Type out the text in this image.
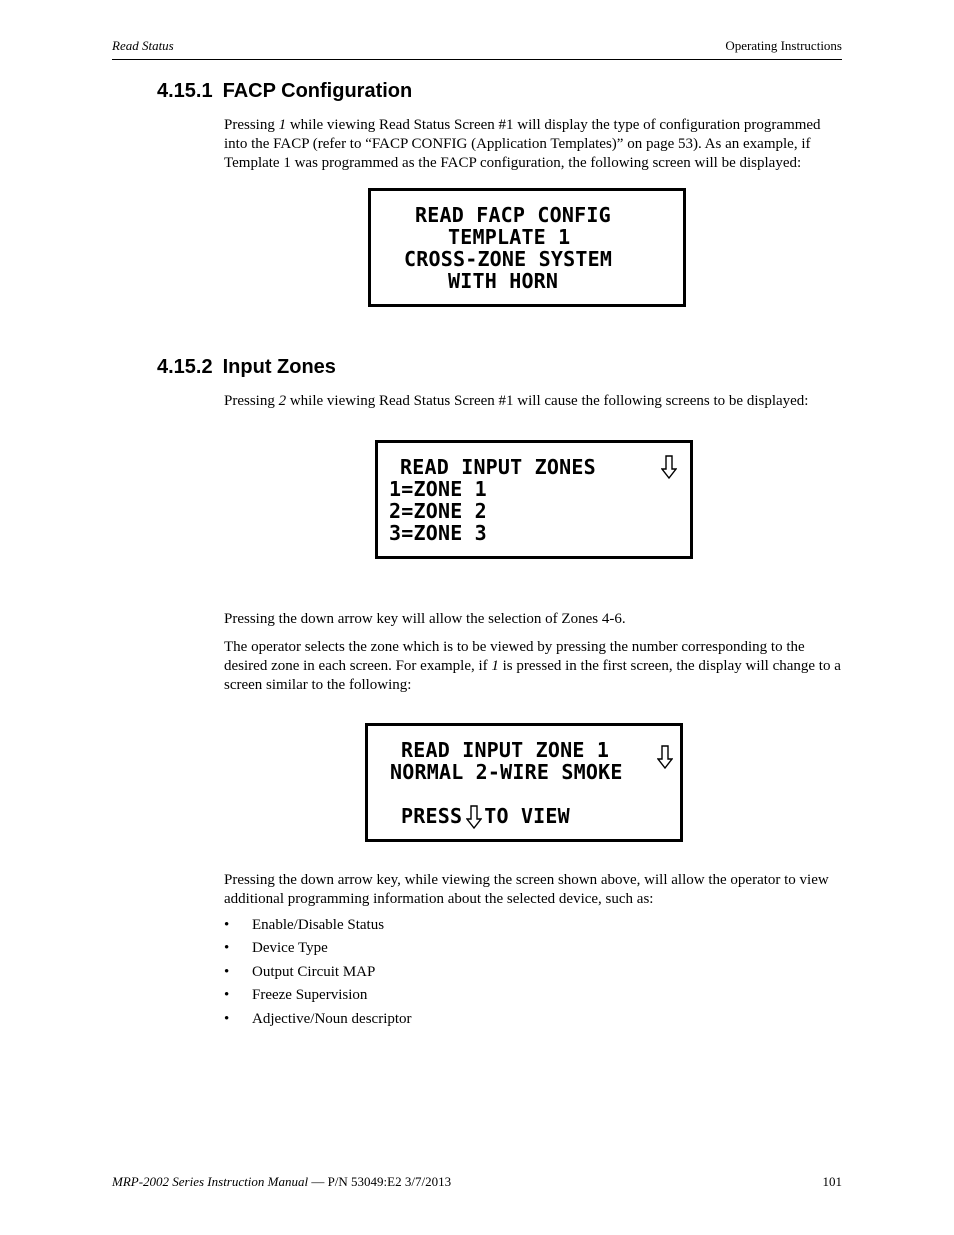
Read Status	Operating Instructions
4.15.1 FACP Configuration
Pressing 1 while viewing Read Status Screen #1 will display the type of configuration programmed into the FACP (refer to “FACP CONFIG (Application Templates)” on page 53). As an example, if Template 1 was programmed as the FACP configuration, the following screen will be displayed:

READ FACP CONFIG

TEMPLATE 1

CROSS-ZONE SYSTEM

WITH HORN

4.15.2 Input Zones
Pressing 2 while viewing Read Status Screen #1 will cause the following screens to be displayed:

READ INPUT ZONES

1=ZONE 1

2=ZONE 2

3=ZONE 3

Pressing the down arrow key will allow the selection of Zones 4-6.
The operator selects the zone which is to be viewed by pressing the number corresponding to the desired zone in each screen. For example, if 1 is pressed in the first screen, the display will change to a screen similar to the following:

READ INPUT ZONE 1

NORMAL 2-WIRE SMOKE

PRESS TO VIEW

Pressing the down arrow key, while viewing the screen shown above, will allow the operator to view additional programming information about the selected device, such as:
• Enable/Disable Status
• Device Type
• Output Circuit MAP
• Freeze Supervision
• Adjective/Noun descriptor
MRP-2002 Series Instruction Manual — P/N 53049:E2 3/7/2013	101
